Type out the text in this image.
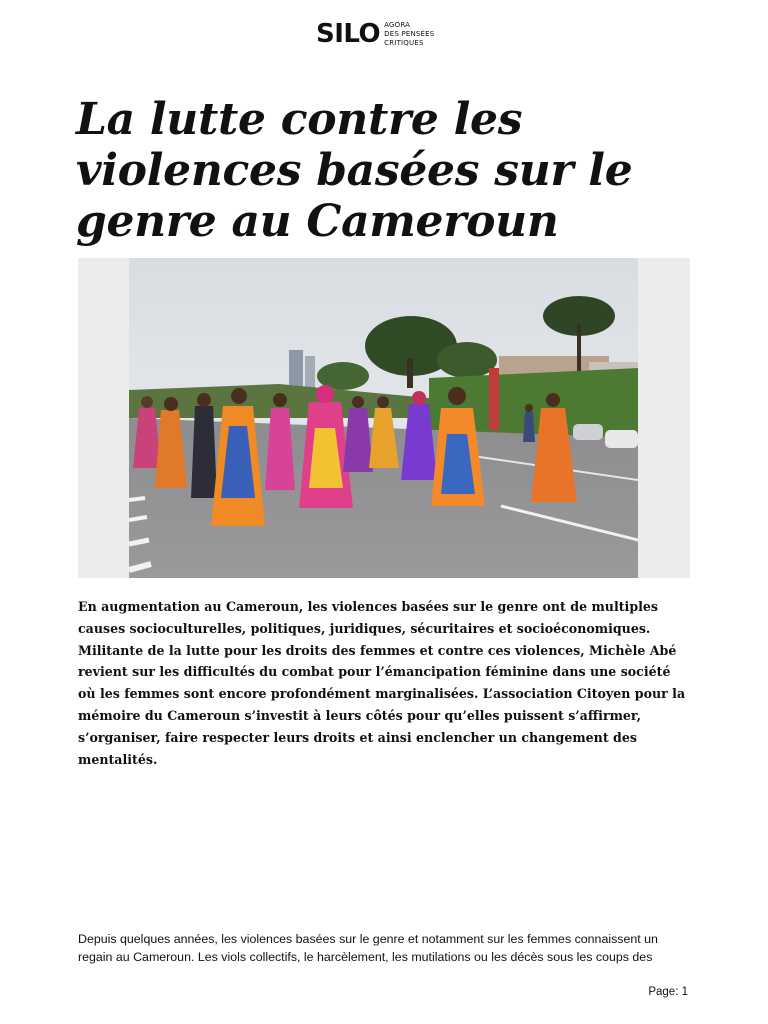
SILO AGORA
DES PENSÉES
CRITIQUES
La lutte contre les violences basées sur le genre au Cameroun

En augmentation au Cameroun, les violences basées sur le genre ont de multiples causes socioculturelles, politiques, juridiques, sécuritaires et socioéconomiques. Militante de la lutte pour les droits des femmes et contre ces violences, Michèle Abé revient sur les difficultés du combat pour l’émancipation féminine dans une société où les femmes sont encore profondément marginalisées. L’association Citoyen pour la mémoire du Cameroun s’investit à leurs côtés pour qu’elles puissent s’affirmer, s’organiser, faire respecter leurs droits et ainsi enclencher un changement des mentalités.

Depuis quelques années, les violences basées sur le genre et notamment sur les femmes connaissent un
regain au Cameroun. Les viols collectifs, le harcèlement, les mutilations ou les décès sous les coups des

Page: 1
